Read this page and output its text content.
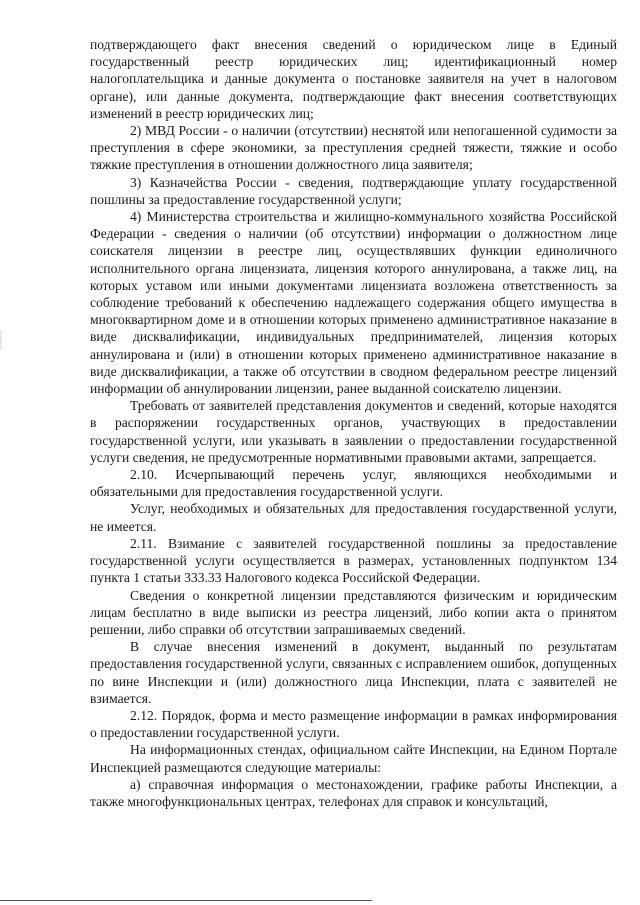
подтверждающего факт внесения сведений о юридическом лице в Единый государственный реестр юридических лиц; идентификационный номер налогоплательщика и данные документа о постановке заявителя на учет в налоговом органе), или данные документа, подтверждающие факт внесения соответствующих изменений в реестр юридических лиц;

2) МВД России - о наличии (отсутствии) неснятой или непогашенной судимости за преступления в сфере экономики, за преступления средней тяжести, тяжкие и особо тяжкие преступления в отношении должностного лица заявителя;

3) Казначейства России - сведения, подтверждающие уплату государственной пошлины за предоставление государственной услуги;

4) Министерства строительства и жилищно-коммунального хозяйства Российской Федерации - сведения о наличии (об отсутствии) информации о должностном лице соискателя лицензии в реестре лиц, осуществлявших функции единоличного исполнительного органа лицензиата, лицензия которого аннулирована, а также лиц, на которых уставом или иными документами лицензиата возложена ответственность за соблюдение требований к обеспечению надлежащего содержания общего имущества в многоквартирном доме и в отношении которых применено административное наказание в виде дисквалификации, индивидуальных предпринимателей, лицензия которых аннулирована и (или) в отношении которых применено административное наказание в виде дисквалификации, а также об отсутствии в сводном федеральном реестре лицензий информации об аннулировании лицензии, ранее выданной соискателю лицензии.

Требовать от заявителей представления документов и сведений, которые находятся в распоряжении государственных органов, участвующих в предоставлении государственной услуги, или указывать в заявлении о предоставлении государственной услуги сведения, не предусмотренные нормативными правовыми актами, запрещается.

2.10. Исчерпывающий перечень услуг, являющихся необходимыми и обязательными для предоставления государственной услуги.

Услуг, необходимых и обязательных для предоставления государственной услуги, не имеется.

2.11. Взимание с заявителей государственной пошлины за предоставление государственной услуги осуществляется в размерах, установленных подпунктом 134 пункта 1 статьи 333.33 Налогового кодекса Российской Федерации.

Сведения о конкретной лицензии представляются физическим и юридическим лицам бесплатно в виде выписки из реестра лицензий, либо копии акта о принятом решении, либо справки об отсутствии запрашиваемых сведений.

В случае внесения изменений в документ, выданный по результатам предоставления государственной услуги, связанных с исправлением ошибок, допущенных по вине Инспекции и (или) должностного лица Инспекции, плата с заявителей не взимается.

2.12. Порядок, форма и место размещение информации в рамках информирования о предоставлении государственной услуги.

На информационных стендах, официальном сайте Инспекции, на Едином Портале Инспекцией размещаются следующие материалы:

а) справочная информация о местонахождении, графике работы Инспекции, а также многофункциональных центрах, телефонах для справок и консультаций,
